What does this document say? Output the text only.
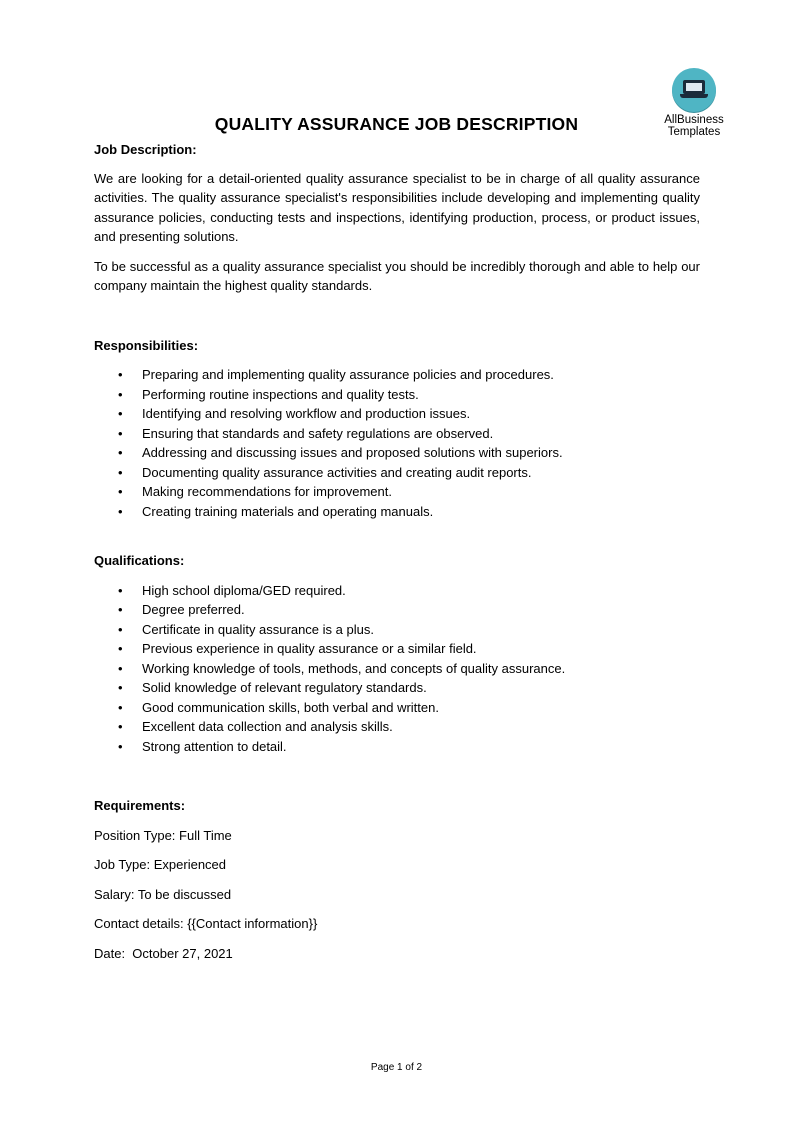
AllBusiness
Templates
QUALITY ASSURANCE JOB DESCRIPTION

Job Description:

We are looking for a detail-oriented quality assurance specialist to be in charge of all quality assurance activities. The quality assurance specialist's responsibilities include developing and implementing quality assurance policies, conducting tests and inspections, identifying production, process, or product issues, and presenting solutions.

To be successful as a quality assurance specialist you should be incredibly thorough and able to help our company maintain the highest quality standards.

Responsibilities:

• Preparing and implementing quality assurance policies and procedures.
• Performing routine inspections and quality tests.
• Identifying and resolving workflow and production issues.
• Ensuring that standards and safety regulations are observed.
• Addressing and discussing issues and proposed solutions with superiors.
• Documenting quality assurance activities and creating audit reports.
• Making recommendations for improvement.
• Creating training materials and operating manuals.

Qualifications:

• High school diploma/GED required.
• Degree preferred.
• Certificate in quality assurance is a plus.
• Previous experience in quality assurance or a similar field.
• Working knowledge of tools, methods, and concepts of quality assurance.
• Solid knowledge of relevant regulatory standards.
• Good communication skills, both verbal and written.
• Excellent data collection and analysis skills.
• Strong attention to detail.

Requirements:

Position Type: Full Time

Job Type: Experienced

Salary: To be discussed

Contact details: {{Contact information}}

Date:  October 27, 2021

Page 1 of 2
